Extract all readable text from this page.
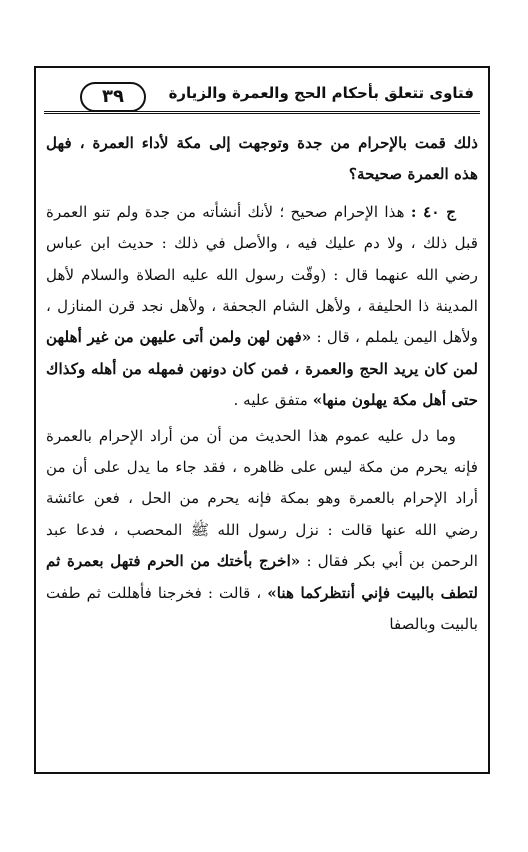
فتاوى تتعلق بأحكام الحج والعمرة والزيارة
٣٩

ذلك قمت بالإحرام من جدة وتوجهت إلى مكة لأداء العمرة ، فهل هذه العمرة صحيحة؟

ج ٤٠ : هذا الإحرام صحيح ؛ لأنك أنشأته من جدة ولم تنو العمرة قبل ذلك ، ولا دم عليك فيه ، والأصل في ذلك : حديث ابن عباس رضي الله عنهما قال : (وقّت رسول الله عليه الصلاة والسلام لأهل المدينة ذا الحليفة ، ولأهل الشام الجحفة ، ولأهل نجد قرن المنازل ، ولأهل اليمن يلملم ، قال : «فهن لهن ولمن أتى عليهن من غير أهلهن لمن كان يريد الحج والعمرة ، فمن كان دونهن فمهله من أهله وكذاك حتى أهل مكة يهلون منها» متفق عليه .

وما دل عليه عموم هذا الحديث من أن من أراد الإحرام بالعمرة فإنه يحرم من مكة ليس على ظاهره ، فقد جاء ما يدل على أن من أراد الإحرام بالعمرة وهو بمكة فإنه يحرم من الحل ، فعن عائشة رضي الله عنها قالت : نزل رسول الله ﷺ المحصب ، فدعا عبد الرحمن بن أبي بكر فقال : «اخرج بأختك من الحرم فتهل بعمرة ثم لتطف بالبيت فإني أنتظركما هنا» ، قالت : فخرجنا فأهللت ثم طفت بالبيت وبالصفا
